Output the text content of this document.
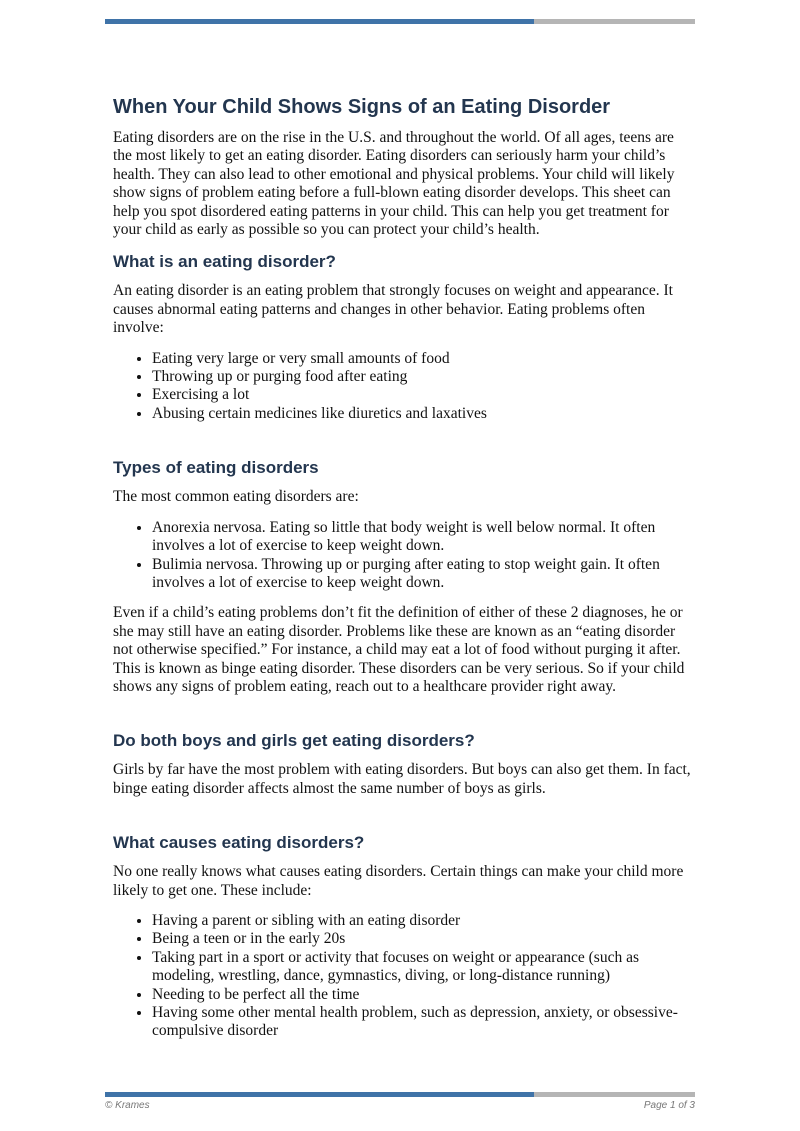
When Your Child Shows Signs of an Eating Disorder

Eating disorders are on the rise in the U.S. and throughout the world. Of all ages, teens are the most likely to get an eating disorder. Eating disorders can seriously harm your child’s health. They can also lead to other emotional and physical problems. Your child will likely show signs of problem eating before a full-blown eating disorder develops. This sheet can help you spot disordered eating patterns in your child. This can help you get treatment for your child as early as possible so you can protect your child’s health.

What is an eating disorder?

An eating disorder is an eating problem that strongly focuses on weight and appearance. It causes abnormal eating patterns and changes in other behavior. Eating problems often involve:

• Eating very large or very small amounts of food
• Throwing up or purging food after eating
• Exercising a lot
• Abusing certain medicines like diuretics and laxatives
Types of eating disorders

The most common eating disorders are:

• Anorexia nervosa. Eating so little that body weight is well below normal. It often involves a lot of exercise to keep weight down.
• Bulimia nervosa. Throwing up or purging after eating to stop weight gain. It often involves a lot of exercise to keep weight down.

Even if a child’s eating problems don’t fit the definition of either of these 2 diagnoses, he or she may still have an eating disorder. Problems like these are known as an “eating disorder not otherwise specified.” For instance, a child may eat a lot of food without purging it after. This is known as binge eating disorder. These disorders can be very serious. So if your child shows any signs of problem eating, reach out to a healthcare provider right away.

Do both boys and girls get eating disorders?

Girls by far have the most problem with eating disorders. But boys can also get them. In fact, binge eating disorder affects almost the same number of boys as girls.

What causes eating disorders?

No one really knows what causes eating disorders. Certain things can make your child more likely to get one. These include:

• Having a parent or sibling with an eating disorder
• Being a teen or in the early 20s
• Taking part in a sport or activity that focuses on weight or appearance (such as modeling, wrestling, dance, gymnastics, diving, or long-distance running)
• Needing to be perfect all the time
• Having some other mental health problem, such as depression, anxiety, or obsessive-compulsive disorder
© Krames	Page 1 of 3
